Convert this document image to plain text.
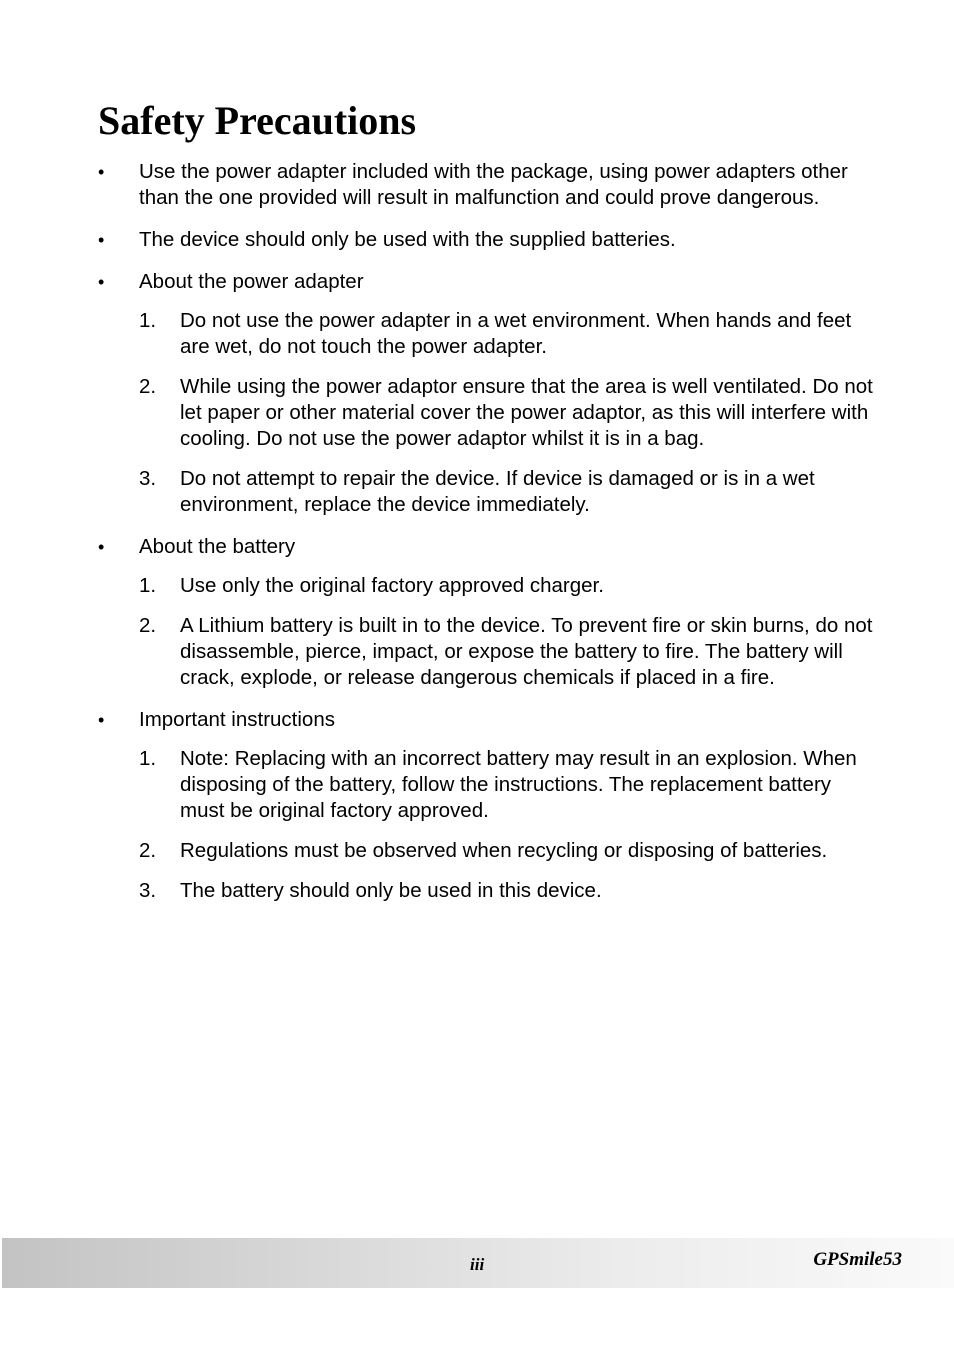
Safety Precautions
•	Use the power adapter included with the package, using power adapters other than the one provided will result in malfunction and could prove dangerous.
•	The device should only be used with the supplied batteries.
•	About the power adapter
1.	Do not use the power adapter in a wet environment. When hands and feet are wet, do not touch the power adapter.
2.	While using the power adaptor ensure that the area is well ventilated. Do not let paper or other material cover the power adaptor, as this will interfere with cooling. Do not use the power adaptor whilst it is in a bag.
3.	Do not attempt to repair the device. If device is damaged or is in a wet environment, replace the device immediately.
•	About the battery
1.	Use only the original factory approved charger.
2.	A Lithium battery is built in to the device. To prevent fire or skin burns, do not disassemble, pierce, impact, or expose the battery to fire. The battery will crack, explode, or release dangerous chemicals if placed in a fire.
•	Important instructions
1.	Note: Replacing with an incorrect battery may result in an explosion. When disposing of the battery, follow the instructions. The replacement battery must be original factory approved.
2.	Regulations must be observed when recycling or disposing of batteries.
3.	The battery should only be used in this device.
iii	GPSmile53
